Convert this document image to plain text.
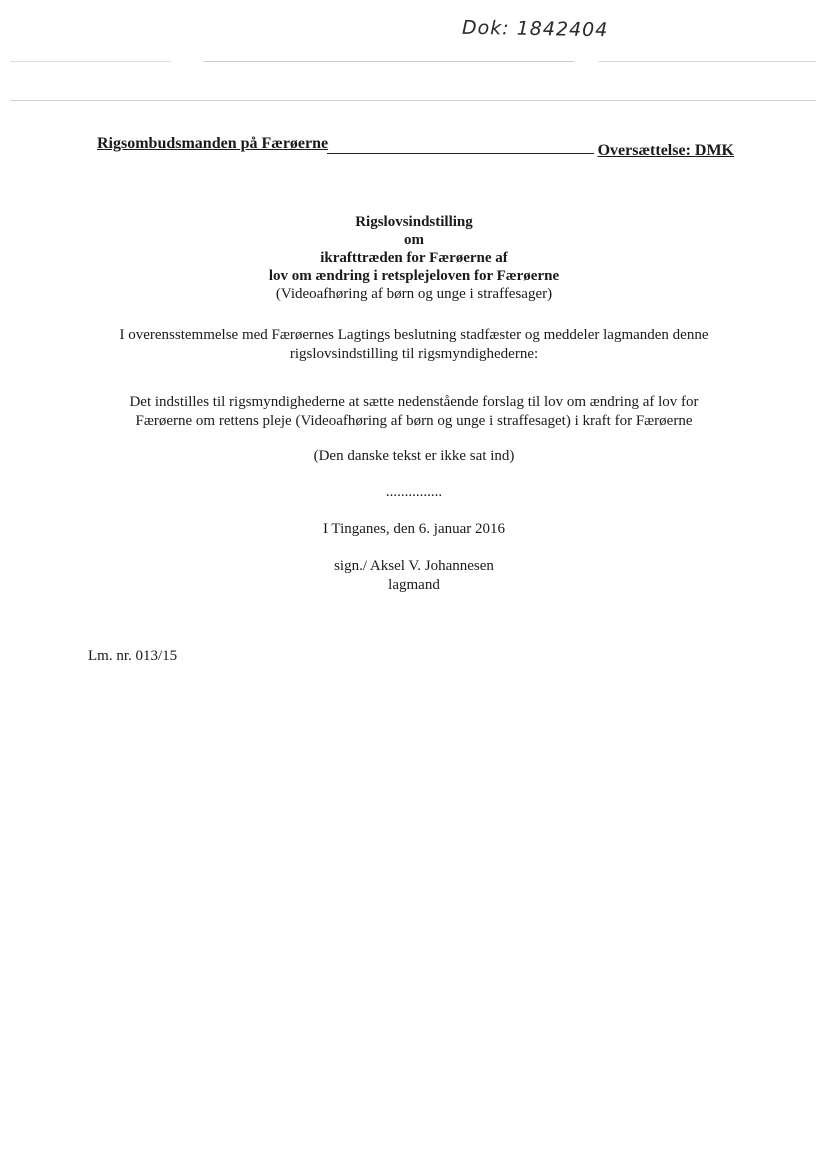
Dok: 1842404
Rigsombudsmanden på Færøerne	Oversættelse: DMK
Rigslovsindstilling
om
ikrafttræden for Færøerne af
lov om ændring i retsplejeloven for Færøerne
(Videoafhøring af børn og unge i straffesager)
I overensstemmelse med Færøernes Lagtings beslutning stadfæster og meddeler lagmanden denne
rigslovsindstilling til rigsmyndighederne:
Det indstilles til rigsmyndighederne at sætte nedenstående forslag til lov om ændring af lov for
Færøerne om rettens pleje (Videoafhøring af børn og unge i straffesaget) i kraft for Færøerne
(Den danske tekst er ikke sat ind)
...............
I Tinganes, den 6. januar 2016
sign./ Aksel V. Johannesen
lagmand
Lm. nr. 013/15
